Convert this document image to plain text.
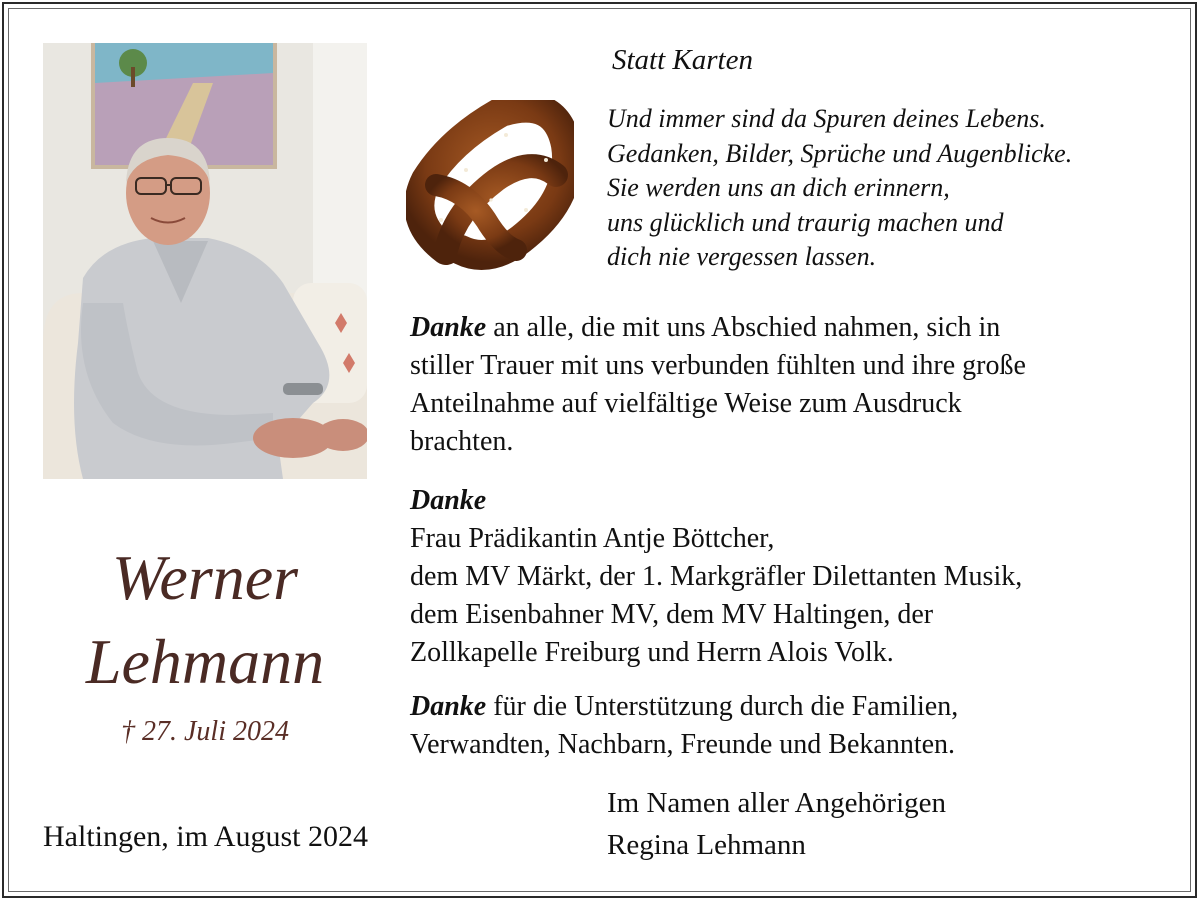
Werner
Lehmann
† 27. Juli 2024
Haltingen, im August 2024
Statt Karten
Und immer sind da Spuren deines Lebens.
Gedanken, Bilder, Sprüche und Augenblicke.
Sie werden uns an dich erinnern,
uns glücklich und traurig machen und
dich nie vergessen lassen.
Danke an alle, die mit uns Abschied nahmen, sich in
stiller Trauer mit uns verbunden fühlten und ihre große
Anteilnahme auf vielfältige Weise zum Ausdruck
brachten.
Danke
Frau Prädikantin Antje Böttcher,
dem MV Märkt, der 1. Markgräfler Dilettanten Musik,
dem Eisenbahner MV, dem MV Haltingen, der
Zollkapelle Freiburg und Herrn Alois Volk.
Danke für die Unterstützung durch die Familien,
Verwandten, Nachbarn, Freunde und Bekannten.
Im Namen aller Angehörigen
Regina Lehmann
